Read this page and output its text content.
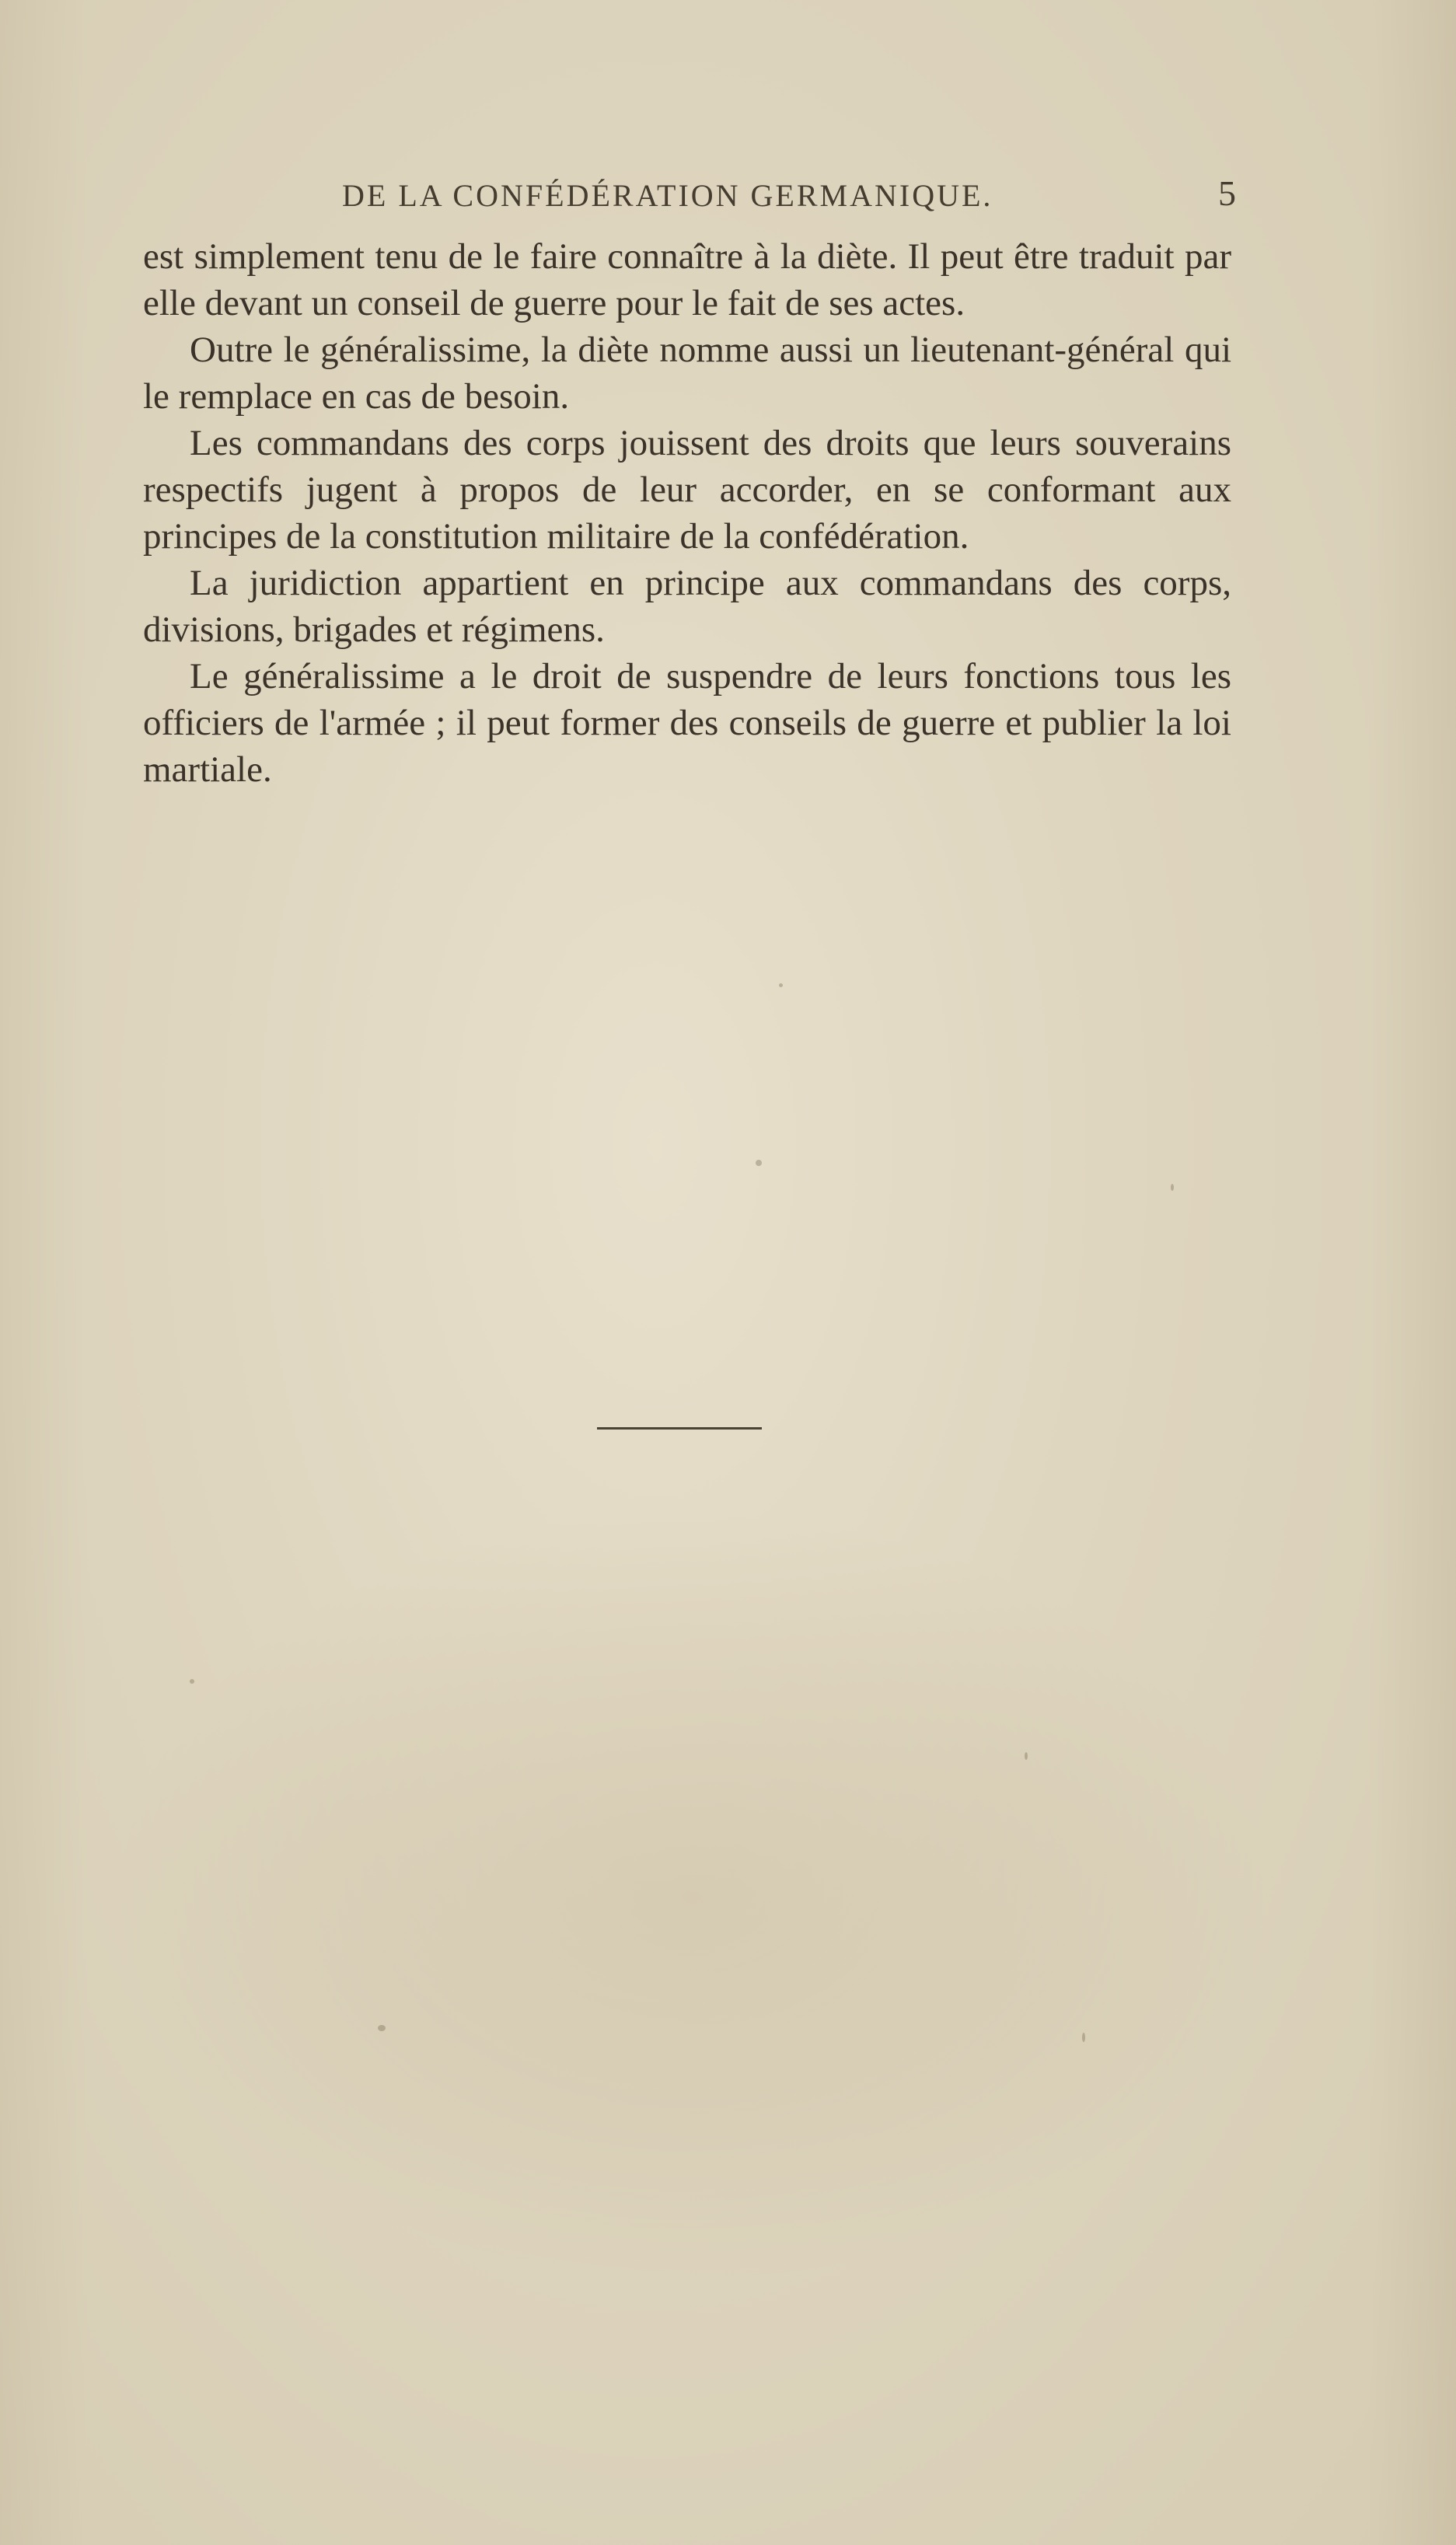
DE LA CONFÉDÉRATION GERMANIQUE.	5

est simplement tenu de le faire connaître à la diète. Il peut être traduit par elle devant un conseil de guerre pour le fait de ses actes.

Outre le généralissime, la diète nomme aussi un lieutenant-général qui le remplace en cas de besoin.

Les commandans des corps jouissent des droits que leurs souverains respectifs jugent à propos de leur accorder, en se conformant aux principes de la constitution militaire de la confédération.

La juridiction appartient en principe aux commandans des corps, divisions, brigades et régimens.

Le généralissime a le droit de suspendre de leurs fonctions tous les officiers de l'armée ; il peut former des conseils de guerre et publier la loi martiale.
